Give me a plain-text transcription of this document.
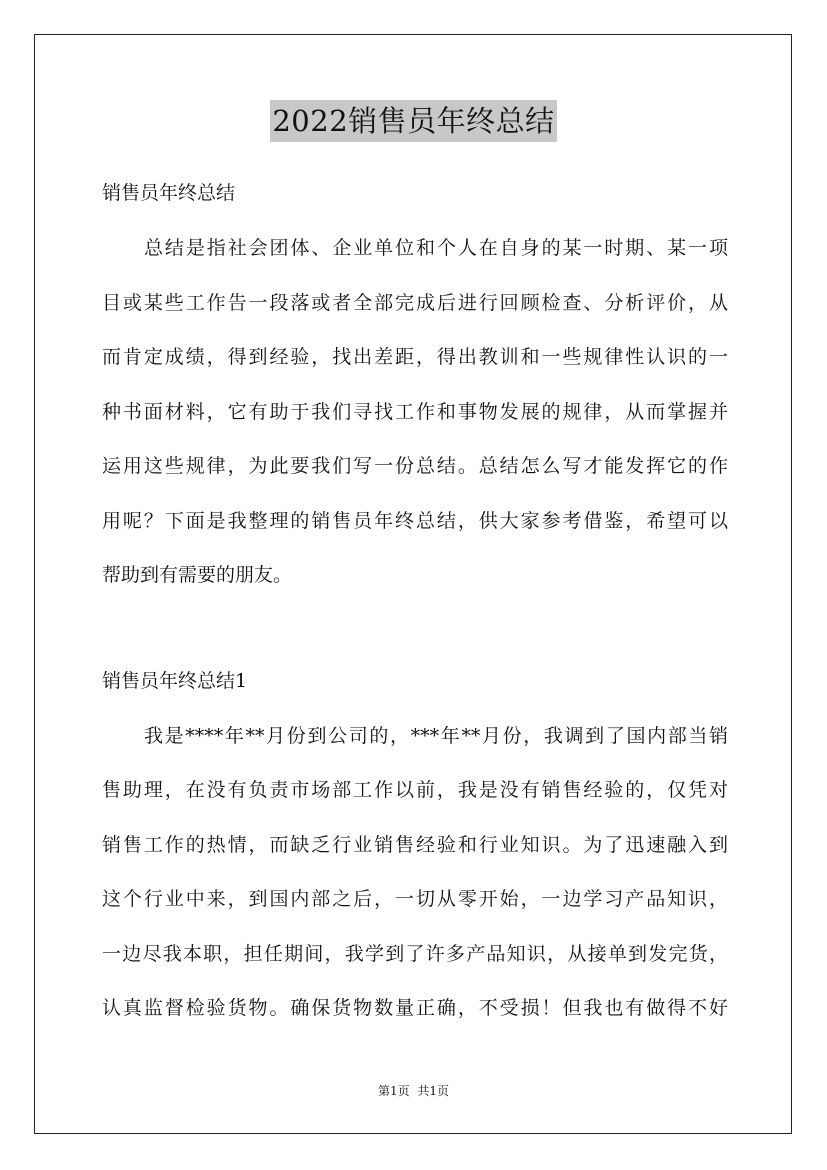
2022销售员年终总结
销售员年终总结
总结是指社会团体、企业单位和个人在自身的某一时期、某一项
目或某些工作告一段落或者全部完成后进行回顾检查、分析评价，从
而肯定成绩，得到经验，找出差距，得出教训和一些规律性认识的一
种书面材料，它有助于我们寻找工作和事物发展的规律，从而掌握并
运用这些规律，为此要我们写一份总结。总结怎么写才能发挥它的作
用呢？下面是我整理的销售员年终总结，供大家参考借鉴，希望可以
帮助到有需要的朋友。
销售员年终总结1
我是****年**月份到公司的，***年**月份，我调到了国内部当销
售助理，在没有负责市场部工作以前，我是没有销售经验的，仅凭对
销售工作的热情，而缺乏行业销售经验和行业知识。为了迅速融入到
这个行业中来，到国内部之后，一切从零开始，一边学习产品知识，
一边尽我本职，担任期间，我学到了许多产品知识，从接单到发完货，
认真监督检验货物。确保货物数量正确，不受损！但我也有做得不好
第1页 共1页
